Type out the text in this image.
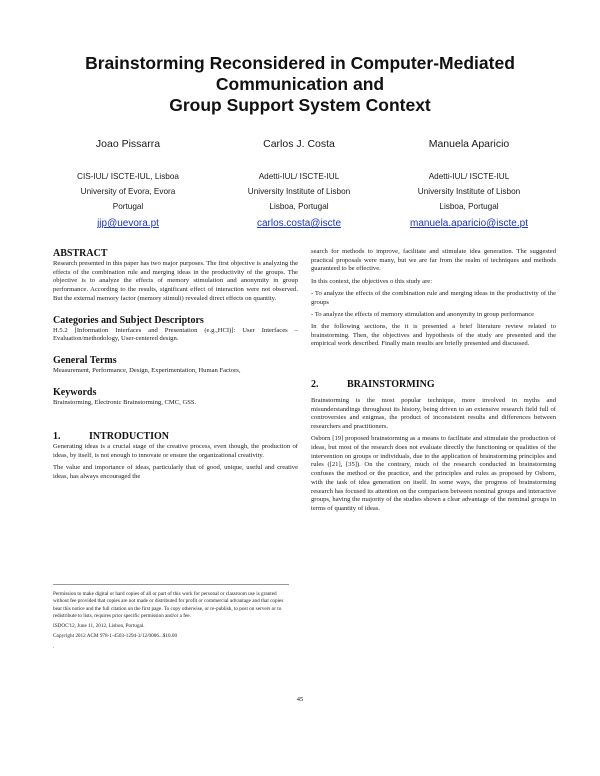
Brainstorming Reconsidered in Computer-Mediated
Communication and
Group Support System Context
Joao Pissarra
CIS-IUL/ ISCTE-IUL, Lisboa
University of Evora, Evora
Portugal
jjp@uevora.pt
Carlos J. Costa
Adetti-IUL/ ISCTE-IUL
University Institute of Lisbon
Lisboa, Portugal
carlos.costa@iscte
Manuela Aparicio
Adetti-IUL/ ISCTE-IUL
University Institute of Lisbon
Lisboa, Portugal
manuela.aparicio@iscte.pt
ABSTRACT

Research presented in this paper has two major purposes. The first objective is analyzing the effects of the combination rule and merging ideas in the productivity of the groups. The objective is to analyze the effects of memory stimulation and anonymity in group performance. According to the results, significant effect of interaction were not observed. But the external memory factor (memory stimuli) revealed direct effects on quantity.

Categories and Subject Descriptors

H.5.2 [Information Interfaces and Presentation (e.g.,HCI)]: User Interfaces – Evaluation/methodology, User-centered design.

General Terms

Measurement, Performance, Design, Experimentation, Human Factors,

Keywords

Brainstorming, Electronic Brainstorming, CMC, GSS.

1.	INTRODUCTION

Generating ideas is a crucial stage of the creative process, even though, the production of ideas, by itself, is not enough to innovate or ensure the organizational creativity.

The value and importance of ideas, particularly that of good, unique, useful and creative ideas, has always encouraged the

search for methods to improve, facilitate and stimulate idea generation. The suggested practical proposals were many, but we are far from the realm of techniques and methods guaranteed to be effective.

In this context, the objectives o this study are:

- To analyze the effects of the combination rule and merging ideas in the productivity of the groups

- To analyze the effects of memory stimulation and anonymity in group performance

In the following sections, the it is presented a brief literature review related to brainstorming. Then, the objectives and hypothesis of the study are presented and the empirical work described. Finally main results are briefly presented and discussed.

2.	BRAINSTORMING

Brainstorming is the most popular technique, more involved in myths and misunderstandings throughout its history, being driven to an extensive research field full of controversies and enigmas, the product of inconsistent results and differences between researchers and practitioners.

Osborn [19] proposed brainstorming as a means to facilitate and stimulate the production of ideas, but most of the research does not evaluate directly the functioning or qualities of the intervention on groups or individuals, due to the application of brainstorming principles and rules ([21], [35]). On the contrary, much of the research conducted in brainstorming confuses the method or the practice, and the principles and rules as proposed by Osborn, with the task of idea generation on itself. In some ways, the progress of brainstorming research has focused its attention on the comparison between nominal groups and interactive groups, having the majority of the studies shown a clear advantage of the nominal groups in terms of quantity of ideas.

Permission to make digital or hard copies of all or part of this work for personal or classroom use is granted without fee provided that copies are not made or distributed for profit or commercial advantage and that copies bear this notice and the full citation on the first page. To copy otherwise, or re-publish, to post on servers or to redistribute to lists, requires prior specific permission and/or a fee.

ISDOC'12, June 11, 2012, Lisbon, Portugal.

Copyright 2012 ACM 978-1-4503-1294-3/12/0006...$10.00

.

45
